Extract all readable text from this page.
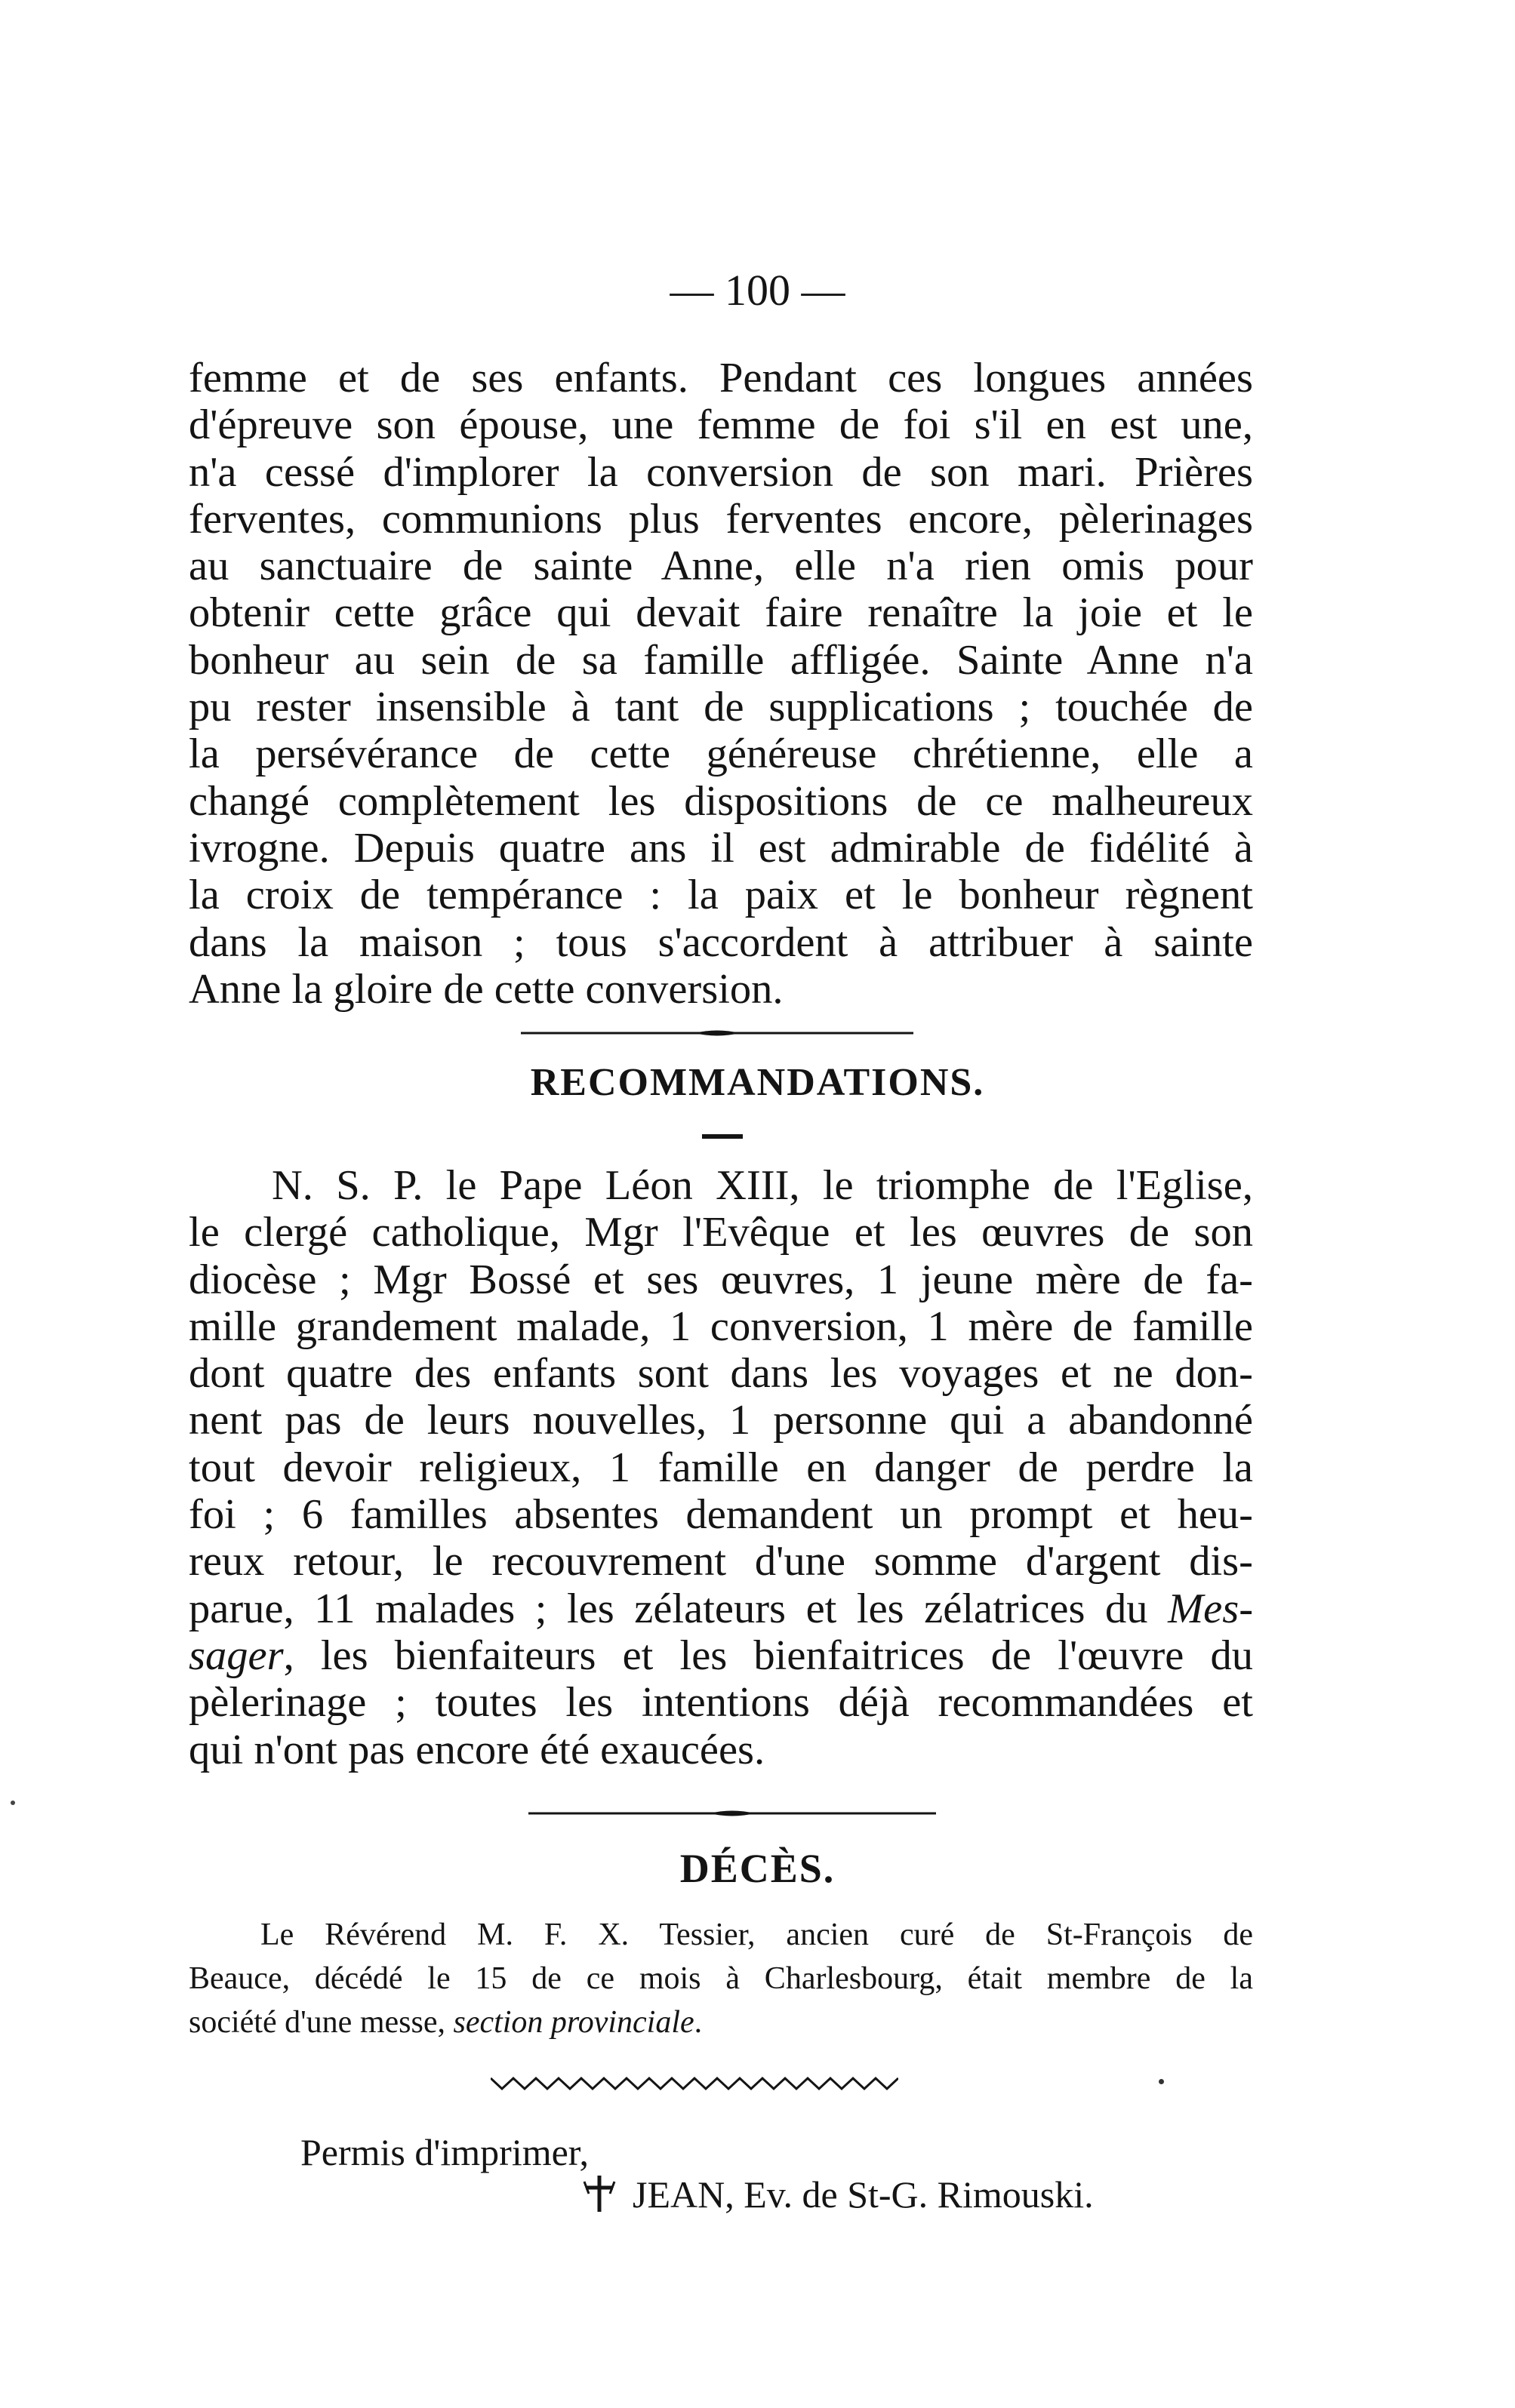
— 100 —
femme et de ses enfants. Pendant ces longues années
d'épreuve son épouse, une femme de foi s'il en est une,
n'a cessé d'implorer la conversion de son mari. Prières
ferventes, communions plus ferventes encore, pèlerinages
au sanctuaire de sainte Anne, elle n'a rien omis pour
obtenir cette grâce qui devait faire renaître la joie et le
bonheur au sein de sa famille affligée. Sainte Anne n'a
pu rester insensible à tant de supplications ; touchée de
la persévérance de cette généreuse chrétienne, elle a
changé complètement les dispositions de ce malheureux
ivrogne. Depuis quatre ans il est admirable de fidélité à
la croix de tempérance : la paix et le bonheur règnent
dans la maison ; tous s'accordent à attribuer à sainte
Anne la gloire de cette conversion.
RECOMMANDATIONS.
N. S. P. le Pape Léon XIII, le triomphe de l'Eglise,
le clergé catholique, Mgr l'Evêque et les œuvres de son
diocèse ; Mgr Bossé et ses œuvres, 1 jeune mère de fa-
mille grandement malade, 1 conversion, 1 mère de famille
dont quatre des enfants sont dans les voyages et ne don-
nent pas de leurs nouvelles, 1 personne qui a abandonné
tout devoir religieux, 1 famille en danger de perdre la
foi ; 6 familles absentes demandent un prompt et heu-
reux retour, le recouvrement d'une somme d'argent dis-
parue, 11 malades ; les zélateurs et les zélatrices du Mes-
sager, les bienfaiteurs et les bienfaitrices de l'œuvre du
pèlerinage ; toutes les intentions déjà recommandées et
qui n'ont pas encore été exaucées.
DÉCÈS.
Le Révérend M. F. X. Tessier, ancien curé de St-François de
Beauce, décédé le 15 de ce mois à Charlesbourg, était membre de la
société d'une messe, section provinciale.
Permis d'imprimer,
JEAN, Ev. de St-G. Rimouski.
